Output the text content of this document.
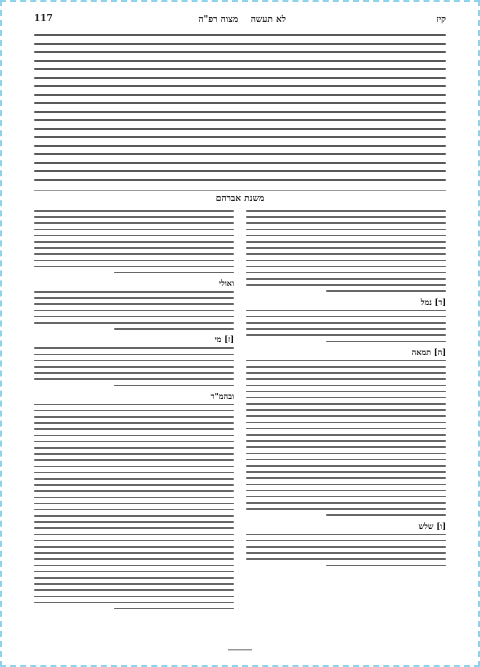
קיז
לא תעשה    מצוה רפ"ה
117
משנת אברהם
[ד] נמל
[ה] תמאה
[ו] שלש
ואולי
[ז] מי
ובהמ"ר
